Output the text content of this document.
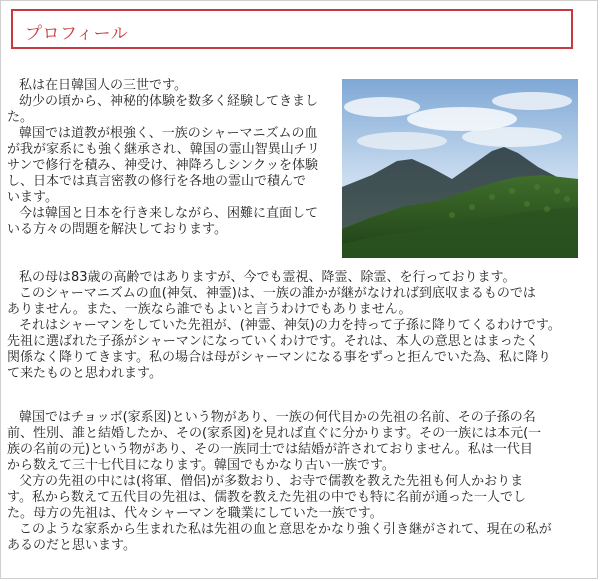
プロフィール
私は在日韓国人の三世です。
幼少の頃から、神秘的体験を数多く経験してきまし
た。
韓国では道教が根強く、一族のシャーマニズムの血
が我が家系にも強く継承され、韓国の霊山智異山チリ
サンで修行を積み、神受け、神降ろしシンクッを体験
し、日本では真言密教の修行を各地の霊山で積んで
います。
今は韓国と日本を行き来しながら、困難に直面して
いる方々の問題を解決しております。
私の母は83歳の高齢ではありますが、今でも霊視、降霊、除霊、を行っております。
このシャーマニズムの血(神気、神霊)は、一族の誰かが継がなければ到底収まるものでは
ありません。また、一族なら誰でもよいと言うわけでもありません。
それはシャーマンをしていた先祖が、(神霊、神気)の力を持って子孫に降りてくるわけです。
先祖に選ばれた子孫がシャーマンになっていくわけです。それは、本人の意思とはまったく
関係なく降りてきます。私の場合は母がシャーマンになる事をずっと拒んでいた為、私に降り
て来たものと思われます。
韓国ではチョッボ(家系図)という物があり、一族の何代目かの先祖の名前、その子孫の名
前、性別、誰と結婚したか、その(家系図)を見れば直ぐに分かります。その一族には本元(一
族の名前の元)という物があり、その一族同士では結婚が許されておりません。私は一代目
から数えて三十七代目になります。韓国でもかなり古い一族です。
父方の先祖の中には(将軍、僧侶)が多数おり、お寺で儒教を教えた先祖も何人かおりま
す。私から数えて五代目の先祖は、儒教を教えた先祖の中でも特に名前が通った一人でし
た。母方の先祖は、代々シャーマンを職業にしていた一族です。
このような家系から生まれた私は先祖の血と意思をかなり強く引き継がされて、現在の私が
あるのだと思います。
